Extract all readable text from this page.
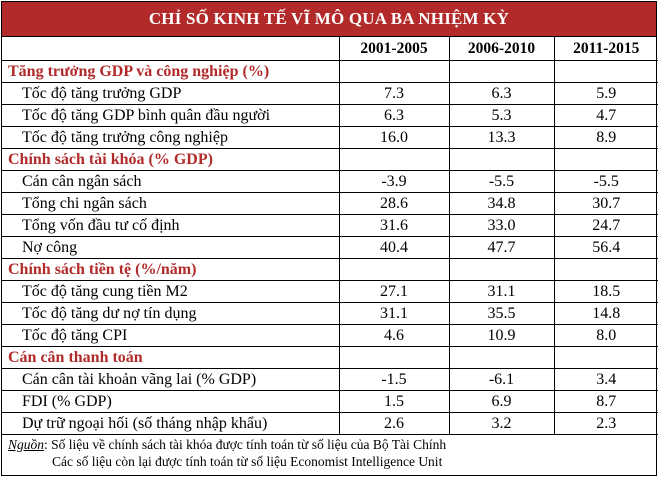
CHỈ SỐ KINH TẾ VĨ MÔ QUA BA NHIỆM KỲ
	2001-2005	2006-2010	2011-2015
Tăng trưởng GDP và công nghiệp (%)			
Tốc độ tăng trưởng GDP	7.3	6.3	5.9
Tốc độ tăng GDP bình quân đầu người	6.3	5.3	4.7
Tốc độ tăng trưởng công nghiệp	16.0	13.3	8.9
Chính sách tài khóa (% GDP)			
Cán cân ngân sách	-3.9	-5.5	-5.5
Tổng chi ngân sách	28.6	34.8	30.7
Tổng vốn đầu tư cố định	31.6	33.0	24.7
Nợ công	40.4	47.7	56.4
Chính sách tiền tệ (%/năm)			
Tốc độ tăng cung tiền M2	27.1	31.1	18.5
Tốc độ tăng dư nợ tín dụng	31.1	35.5	14.8
Tốc độ tăng CPI	4.6	10.9	8.0
Cán cân thanh toán			
Cán cân tài khoản vãng lai (% GDP)	-1.5	-6.1	3.4
FDI (% GDP)	1.5	6.9	8.7
Dự trữ ngoại hối (số tháng nhập khẩu)	2.6	3.2	2.3
Nguồn: Số liệu về chính sách tài khóa được tính toán từ số liệu của Bộ Tài Chính
Các số liệu còn lại được tính toán từ số liệu Economist Intelligence Unit
